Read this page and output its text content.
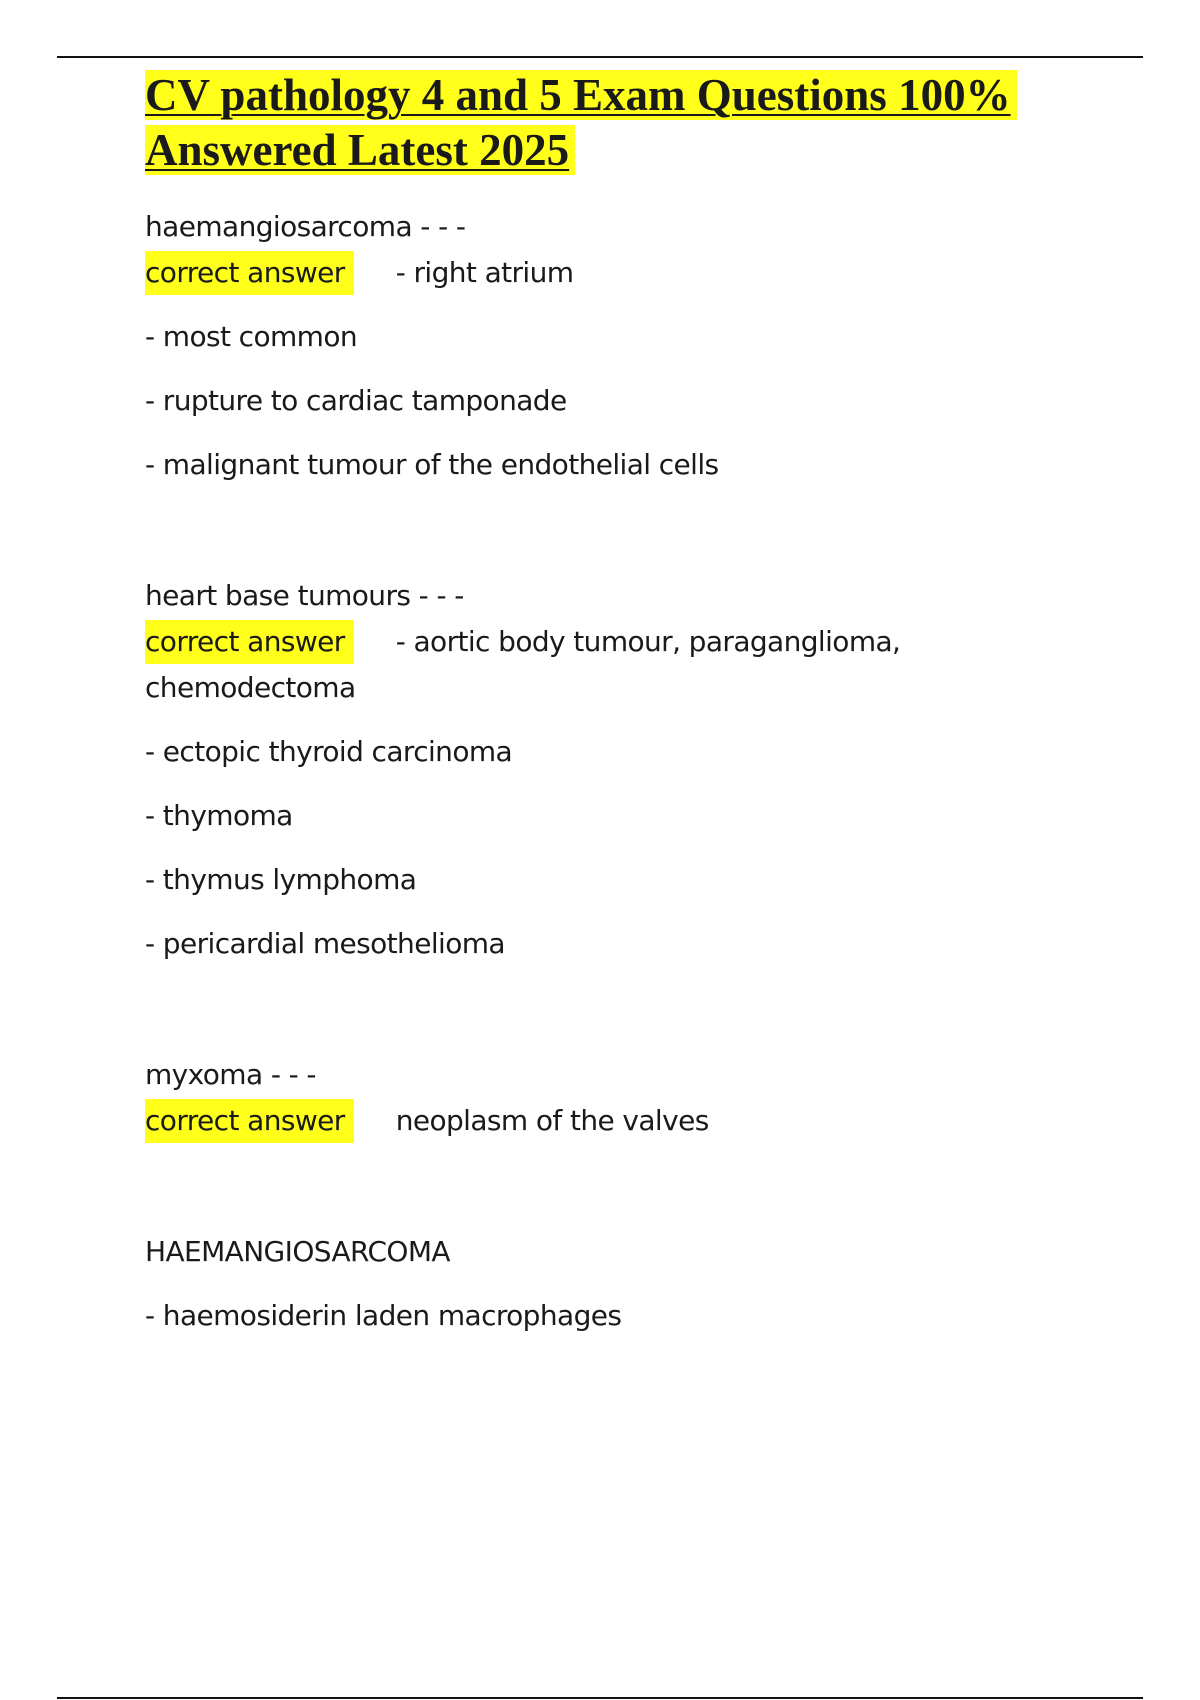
CV pathology 4 and 5 Exam Questions 100% Answered Latest 2025
haemangiosarcoma - - -
correct answer - right atrium
- most common
- rupture to cardiac tamponade
- malignant tumour of the endothelial cells
heart base tumours - - -
correct answer - aortic body tumour, paraganglioma, chemodectoma
- ectopic thyroid carcinoma
- thymoma
- thymus lymphoma
- pericardial mesothelioma
myxoma - - -
correct answer neoplasm of the valves
HAEMANGIOSARCOMA
- haemosiderin laden macrophages
